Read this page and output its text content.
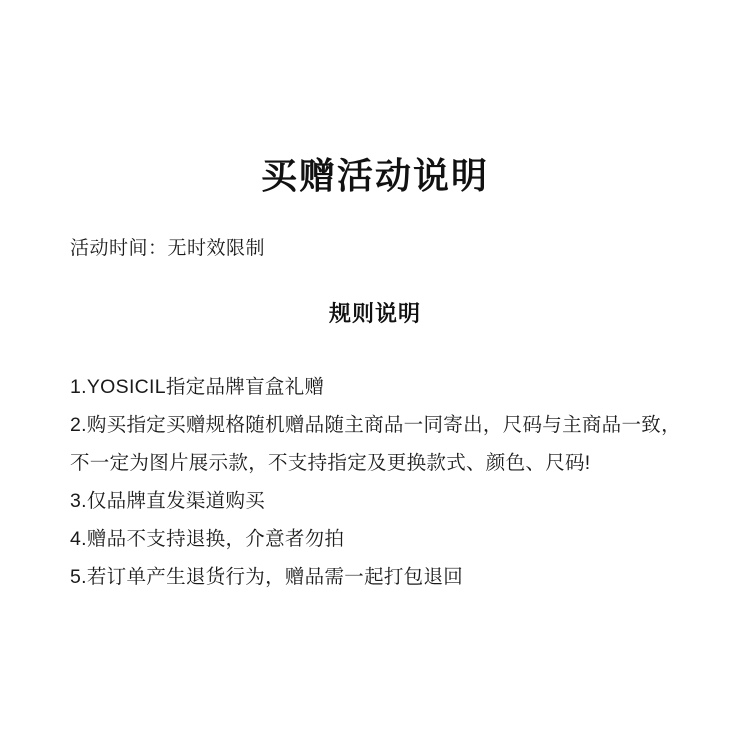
买赠活动说明
活动时间：无时效限制
规则说明

1.YOSICIL指定品牌盲盒礼赠

2.购买指定买赠规格随机赠品随主商品一同寄出，尺码与主商品一致，不一定为图片展示款，不支持指定及更换款式、颜色、尺码!

3.仅品牌直发渠道购买

4.赠品不支持退换，介意者勿拍

5.若订单产生退货行为，赠品需一起打包退回
